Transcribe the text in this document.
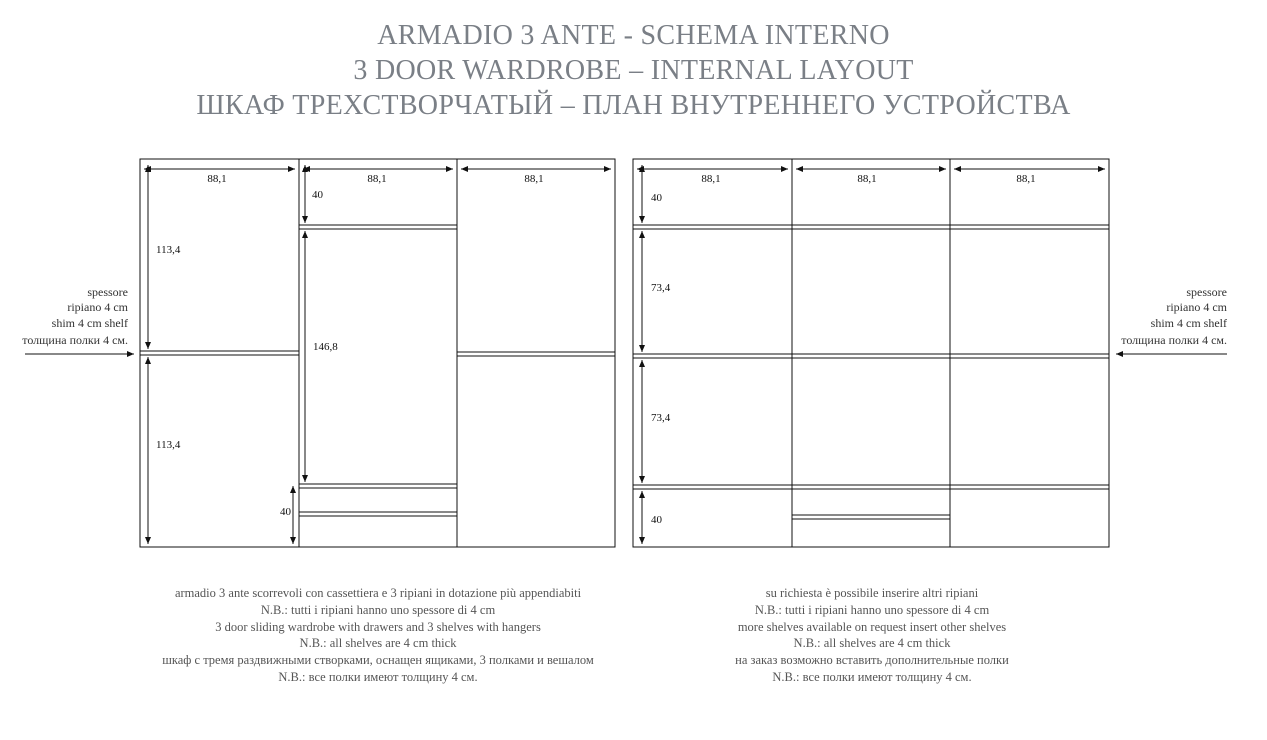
ARMADIO 3 ANTE - SCHEMA INTERNO
3 DOOR WARDROBE – INTERNAL LAYOUT
ШКАФ ТРЕХСТВОРЧАТЫЙ – ПЛАН ВНУТРЕННЕГО УСТРОЙСТВА
88,1	88,1	88,1
113,4
113,4
40
146,8
40
88,1	88,1	88,1
40
73,4
73,4
40
spessore
ripiano 4 cm
shim 4 cm shelf
толщина полки 4 см.
spessore
ripiano 4 cm
shim 4 cm shelf
толщина полки 4 см.
armadio 3 ante scorrevoli con cassettiera e 3 ripiani in dotazione più appendiabiti
N.B.: tutti i ripiani hanno uno spessore di 4 cm
3 door sliding wardrobe with drawers and 3 shelves with hangers
N.B.: all shelves are 4 cm thick
шкаф с тремя раздвижными створками, оснащен ящиками, 3 полками и вешалом
N.B.: все полки имеют толщину 4 см.
su richiesta è possibile inserire altri ripiani
N.B.: tutti i ripiani hanno uno spessore di 4 cm
more shelves available on request insert other shelves
N.B.: all shelves are 4 cm thick
на заказ возможно вставить дополнительные полки
N.B.: все полки имеют толщину 4 см.
